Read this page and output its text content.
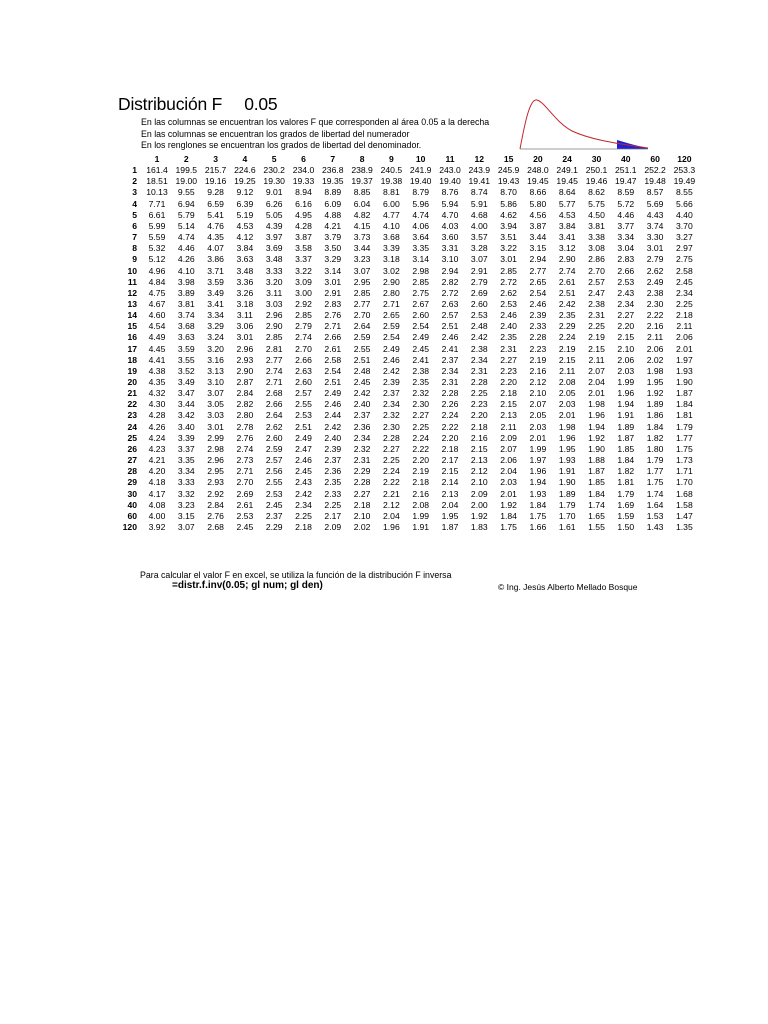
Distribución F 0.05
En las columnas se encuentran los valores F que corresponden al área 0.05 a la derecha
En las columnas se encuentran los grados de libertad del numerador
En los renglones se encuentran los grados de libertad del denominador.
1	2	3	4	5	6	7	8	9	10	11	12	15	20	24	30	40	60	120
1	161.4 199.5 215.7 224.6 230.2 234.0 236.8 238.9 240.5 241.9 243.0 243.9 245.9 248.0 249.1 250.1 251.1 252.2 253.3
2	18.51 19.00 19.16 19.25 19.30 19.33 19.35 19.37 19.38 19.40 19.40 19.41 19.43 19.45 19.45 19.46 19.47 19.48 19.49
3	10.13	9.55	9.28	9.12	9.01	8.94	8.89	8.85	8.81	8.79	8.76	8.74	8.70	8.66	8.64	8.62	8.59	8.57	8.55
4	7.71	6.94	6.59	6.39	6.26	6.16	6.09	6.04	6.00	5.96	5.94	5.91	5.86	5.80	5.77	5.75	5.72	5.69	5.66
5	6.61	5.79	5.41	5.19	5.05	4.95	4.88	4.82	4.77	4.74	4.70	4.68	4.62	4.56	4.53	4.50	4.46	4.43	4.40
6	5.99	5.14	4.76	4.53	4.39	4.28	4.21	4.15	4.10	4.06	4.03	4.00	3.94	3.87	3.84	3.81	3.77	3.74	3.70
7	5.59	4.74	4.35	4.12	3.97	3.87	3.79	3.73	3.68	3.64	3.60	3.57	3.51	3.44	3.41	3.38	3.34	3.30	3.27
8	5.32	4.46	4.07	3.84	3.69	3.58	3.50	3.44	3.39	3.35	3.31	3.28	3.22	3.15	3.12	3.08	3.04	3.01	2.97
9	5.12	4.26	3.86	3.63	3.48	3.37	3.29	3.23	3.18	3.14	3.10	3.07	3.01	2.94	2.90	2.86	2.83	2.79	2.75
10	4.96	4.10	3.71	3.48	3.33	3.22	3.14	3.07	3.02	2.98	2.94	2.91	2.85	2.77	2.74	2.70	2.66	2.62	2.58
11	4.84	3.98	3.59	3.36	3.20	3.09	3.01	2.95	2.90	2.85	2.82	2.79	2.72	2.65	2.61	2.57	2.53	2.49	2.45
12	4.75	3.89	3.49	3.26	3.11	3.00	2.91	2.85	2.80	2.75	2.72	2.69	2.62	2.54	2.51	2.47	2.43	2.38	2.34
13	4.67	3.81	3.41	3.18	3.03	2.92	2.83	2.77	2.71	2.67	2.63	2.60	2.53	2.46	2.42	2.38	2.34	2.30	2.25
14	4.60	3.74	3.34	3.11	2.96	2.85	2.76	2.70	2.65	2.60	2.57	2.53	2.46	2.39	2.35	2.31	2.27	2.22	2.18
15	4.54	3.68	3.29	3.06	2.90	2.79	2.71	2.64	2.59	2.54	2.51	2.48	2.40	2.33	2.29	2.25	2.20	2.16	2.11
16	4.49	3.63	3.24	3.01	2.85	2.74	2.66	2.59	2.54	2.49	2.46	2.42	2.35	2.28	2.24	2.19	2.15	2.11	2.06
17	4.45	3.59	3.20	2.96	2.81	2.70	2.61	2.55	2.49	2.45	2.41	2.38	2.31	2.23	2.19	2.15	2.10	2.06	2.01
18	4.41	3.55	3.16	2.93	2.77	2.66	2.58	2.51	2.46	2.41	2.37	2.34	2.27	2.19	2.15	2.11	2.06	2.02	1.97
19	4.38	3.52	3.13	2.90	2.74	2.63	2.54	2.48	2.42	2.38	2.34	2.31	2.23	2.16	2.11	2.07	2.03	1.98	1.93
20	4.35	3.49	3.10	2.87	2.71	2.60	2.51	2.45	2.39	2.35	2.31	2.28	2.20	2.12	2.08	2.04	1.99	1.95	1.90
21	4.32	3.47	3.07	2.84	2.68	2.57	2.49	2.42	2.37	2.32	2.28	2.25	2.18	2.10	2.05	2.01	1.96	1.92	1.87
22	4.30	3.44	3.05	2.82	2.66	2.55	2.46	2.40	2.34	2.30	2.26	2.23	2.15	2.07	2.03	1.98	1.94	1.89	1.84
23	4.28	3.42	3.03	2.80	2.64	2.53	2.44	2.37	2.32	2.27	2.24	2.20	2.13	2.05	2.01	1.96	1.91	1.86	1.81
24	4.26	3.40	3.01	2.78	2.62	2.51	2.42	2.36	2.30	2.25	2.22	2.18	2.11	2.03	1.98	1.94	1.89	1.84	1.79
25	4.24	3.39	2.99	2.76	2.60	2.49	2.40	2.34	2.28	2.24	2.20	2.16	2.09	2.01	1.96	1.92	1.87	1.82	1.77
26	4.23	3.37	2.98	2.74	2.59	2.47	2.39	2.32	2.27	2.22	2.18	2.15	2.07	1.99	1.95	1.90	1.85	1.80	1.75
27	4.21	3.35	2.96	2.73	2.57	2.46	2.37	2.31	2.25	2.20	2.17	2.13	2.06	1.97	1.93	1.88	1.84	1.79	1.73
28	4.20	3.34	2.95	2.71	2.56	2.45	2.36	2.29	2.24	2.19	2.15	2.12	2.04	1.96	1.91	1.87	1.82	1.77	1.71
29	4.18	3.33	2.93	2.70	2.55	2.43	2.35	2.28	2.22	2.18	2.14	2.10	2.03	1.94	1.90	1.85	1.81	1.75	1.70
30	4.17	3.32	2.92	2.69	2.53	2.42	2.33	2.27	2.21	2.16	2.13	2.09	2.01	1.93	1.89	1.84	1.79	1.74	1.68
40	4.08	3.23	2.84	2.61	2.45	2.34	2.25	2.18	2.12	2.08	2.04	2.00	1.92	1.84	1.79	1.74	1.69	1.64	1.58
60	4.00	3.15	2.76	2.53	2.37	2.25	2.17	2.10	2.04	1.99	1.95	1.92	1.84	1.75	1.70	1.65	1.59	1.53	1.47
120	3.92	3.07	2.68	2.45	2.29	2.18	2.09	2.02	1.96	1.91	1.87	1.83	1.75	1.66	1.61	1.55	1.50	1.43	1.35
Para calcular el valor F en excel, se utiliza la función de la distribución F inversa
=distr.f.inv(0.05; gl num; gl den)	© Ing. Jesús Alberto Mellado Bosque
